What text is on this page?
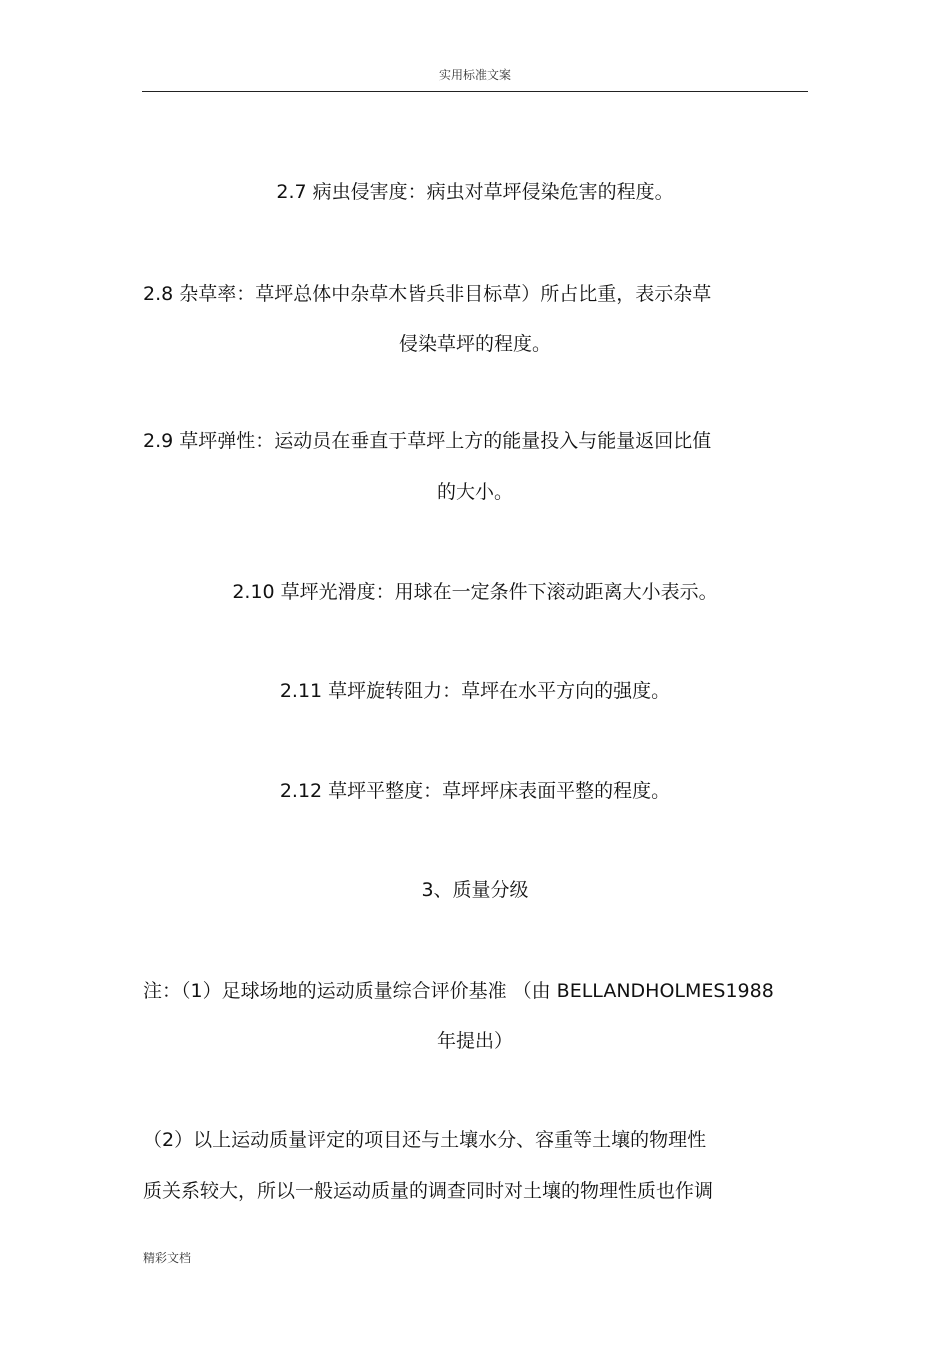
实用标准文案
2.7 病虫侵害度：病虫对草坪侵染危害的程度。
2.8 杂草率：草坪总体中杂草木皆兵非目标草）所占比重，表示杂草
侵染草坪的程度。
2.9 草坪弹性：运动员在垂直于草坪上方的能量投入与能量返回比值
的大小。
2.10 草坪光滑度：用球在一定条件下滚动距离大小表示。
2.11 草坪旋转阻力：草坪在水平方向的强度。
2.12 草坪平整度：草坪坪床表面平整的程度。
3、质量分级
注：（1）足球场地的运动质量综合评价基准 （由 BELLANDHOLMES1988
年提出）
（2）以上运动质量评定的项目还与土壤水分、容重等土壤的物理性
质关系较大，所以一般运动质量的调查同时对土壤的物理性质也作调
精彩文档
